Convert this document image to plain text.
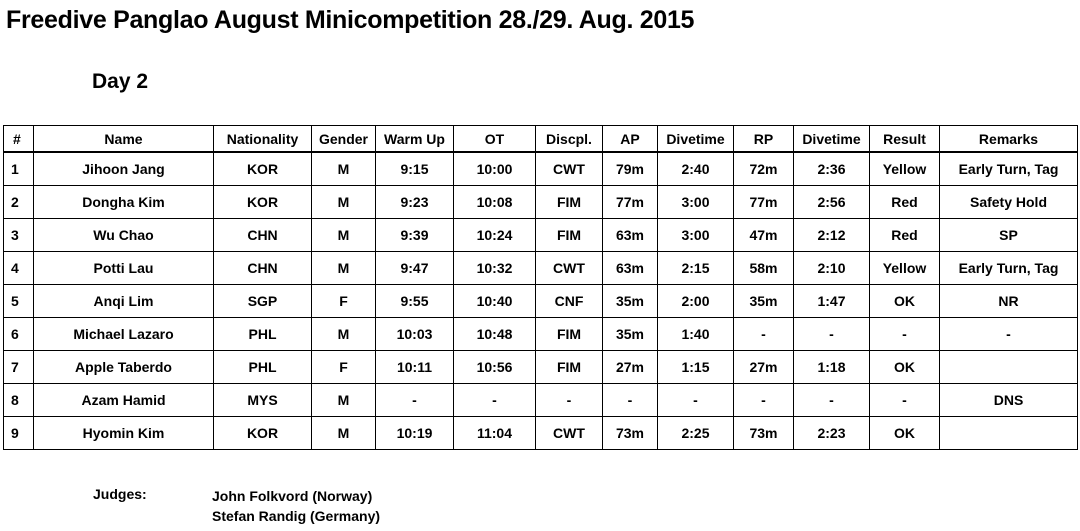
Freedive Panglao August Minicompetition 28./29. Aug. 2015
Day 2
#	Name	Nationality	Gender	Warm Up	OT	Discpl.	AP	Divetime	RP	Divetime	Result	Remarks
1	Jihoon Jang	KOR	M	9:15	10:00	CWT	79m	2:40	72m	2:36	Yellow	Early Turn, Tag
2	Dongha Kim	KOR	M	9:23	10:08	FIM	77m	3:00	77m	2:56	Red	Safety Hold
3	Wu Chao	CHN	M	9:39	10:24	FIM	63m	3:00	47m	2:12	Red	SP
4	Potti Lau	CHN	M	9:47	10:32	CWT	63m	2:15	58m	2:10	Yellow	Early Turn, Tag
5	Anqi Lim	SGP	F	9:55	10:40	CNF	35m	2:00	35m	1:47	OK	NR
6	Michael Lazaro	PHL	M	10:03	10:48	FIM	35m	1:40	-	-	-	-
7	Apple Taberdo	PHL	F	10:11	10:56	FIM	27m	1:15	27m	1:18	OK	
8	Azam Hamid	MYS	M	-	-	-	-	-	-	-	-	DNS
9	Hyomin Kim	KOR	M	10:19	11:04	CWT	73m	2:25	73m	2:23	OK	
Judges:	John Folkvord (Norway)
Stefan Randig (Germany)
